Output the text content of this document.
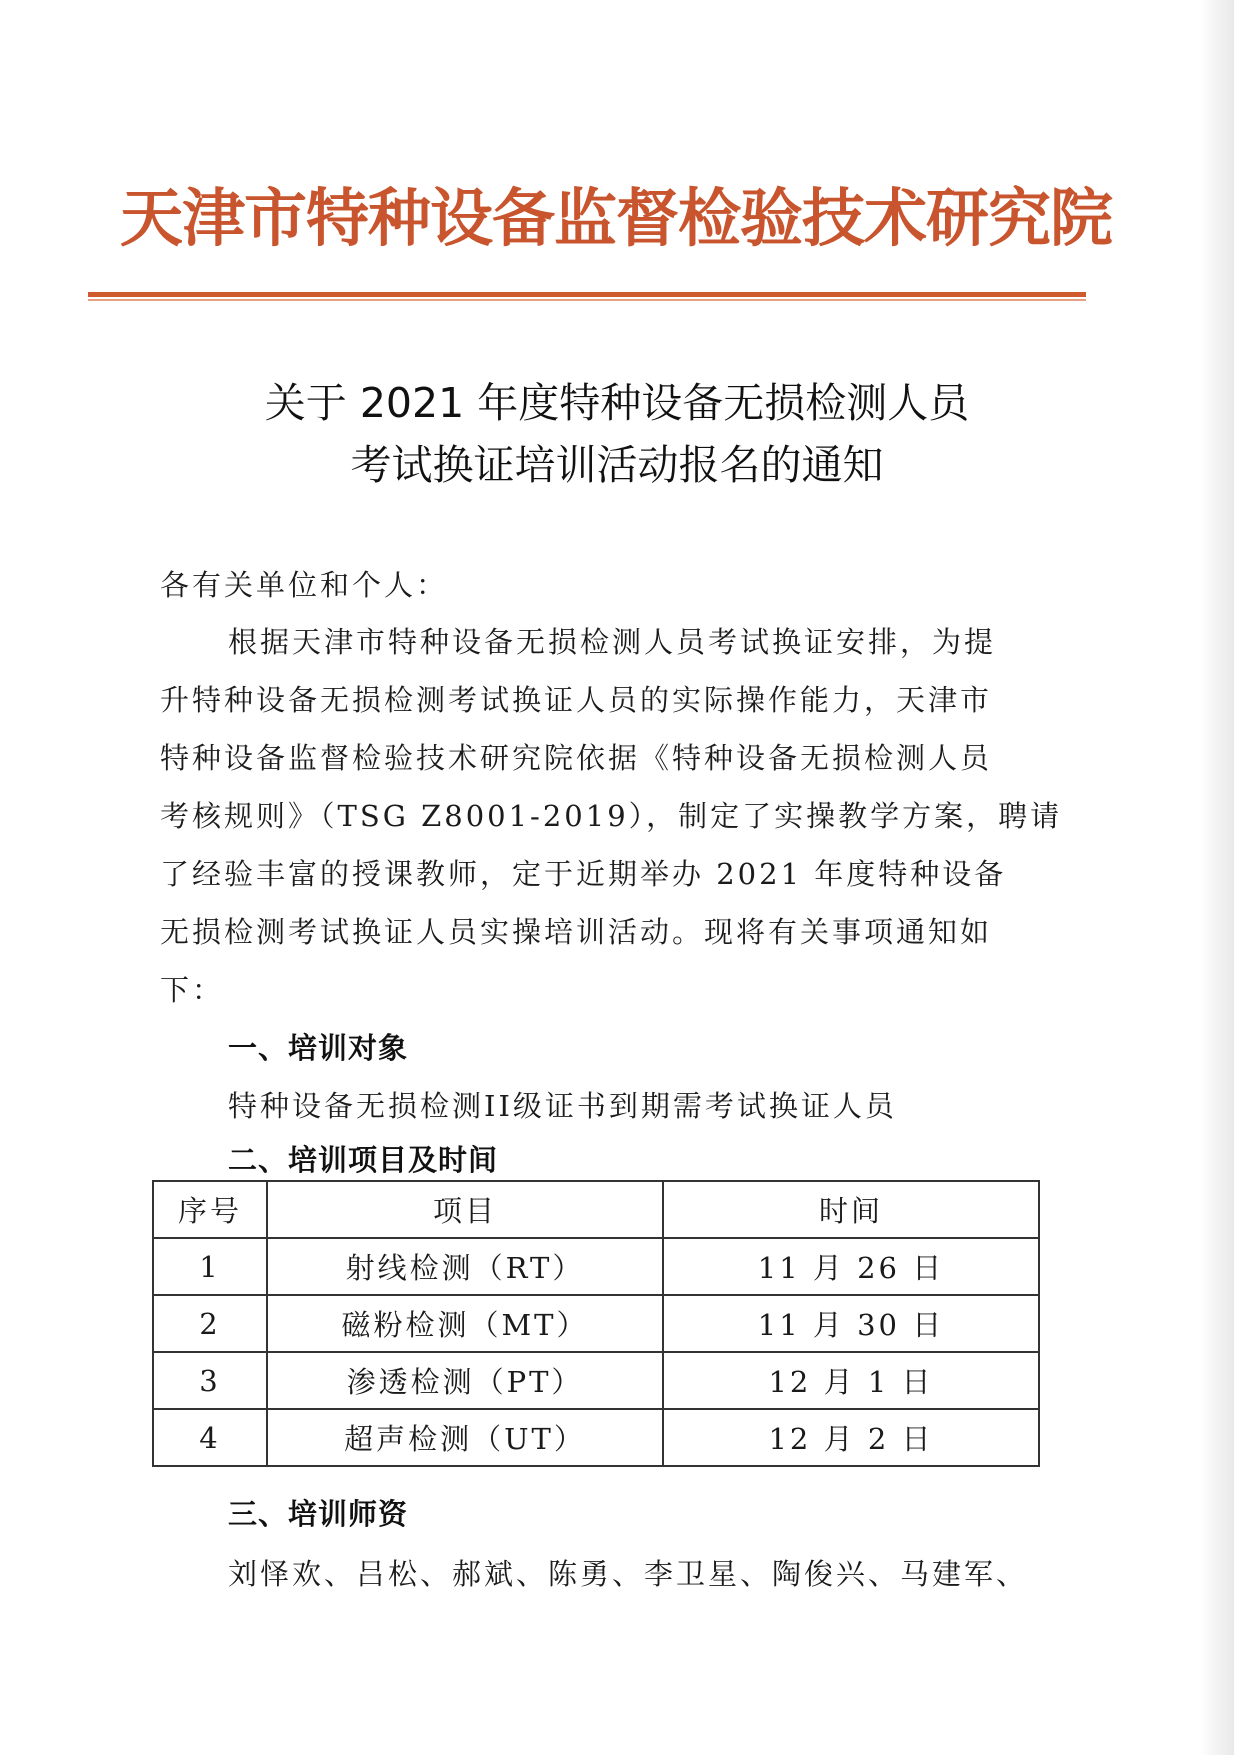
天津市特种设备监督检验技术研究院
关于 2021 年度特种设备无损检测人员
考试换证培训活动报名的通知
各有关单位和个人：
根据天津市特种设备无损检测人员考试换证安排，为提
升特种设备无损检测考试换证人员的实际操作能力，天津市
特种设备监督检验技术研究院依据《特种设备无损检测人员
考核规则》（TSG Z8001-2019），制定了实操教学方案，聘请
了经验丰富的授课教师，定于近期举办 2021 年度特种设备
无损检测考试换证人员实操培训活动。现将有关事项通知如
下：
一、培训对象
特种设备无损检测II级证书到期需考试换证人员
二、培训项目及时间
序号	项目	时间
1	射线检测（RT）	11 月 26 日
2	磁粉检测（MT）	11 月 30 日
3	渗透检测（PT）	12 月 1 日
4	超声检测（UT）	12 月 2 日
三、培训师资
刘怿欢、吕松、郝斌、陈勇、李卫星、陶俊兴、马建军、
